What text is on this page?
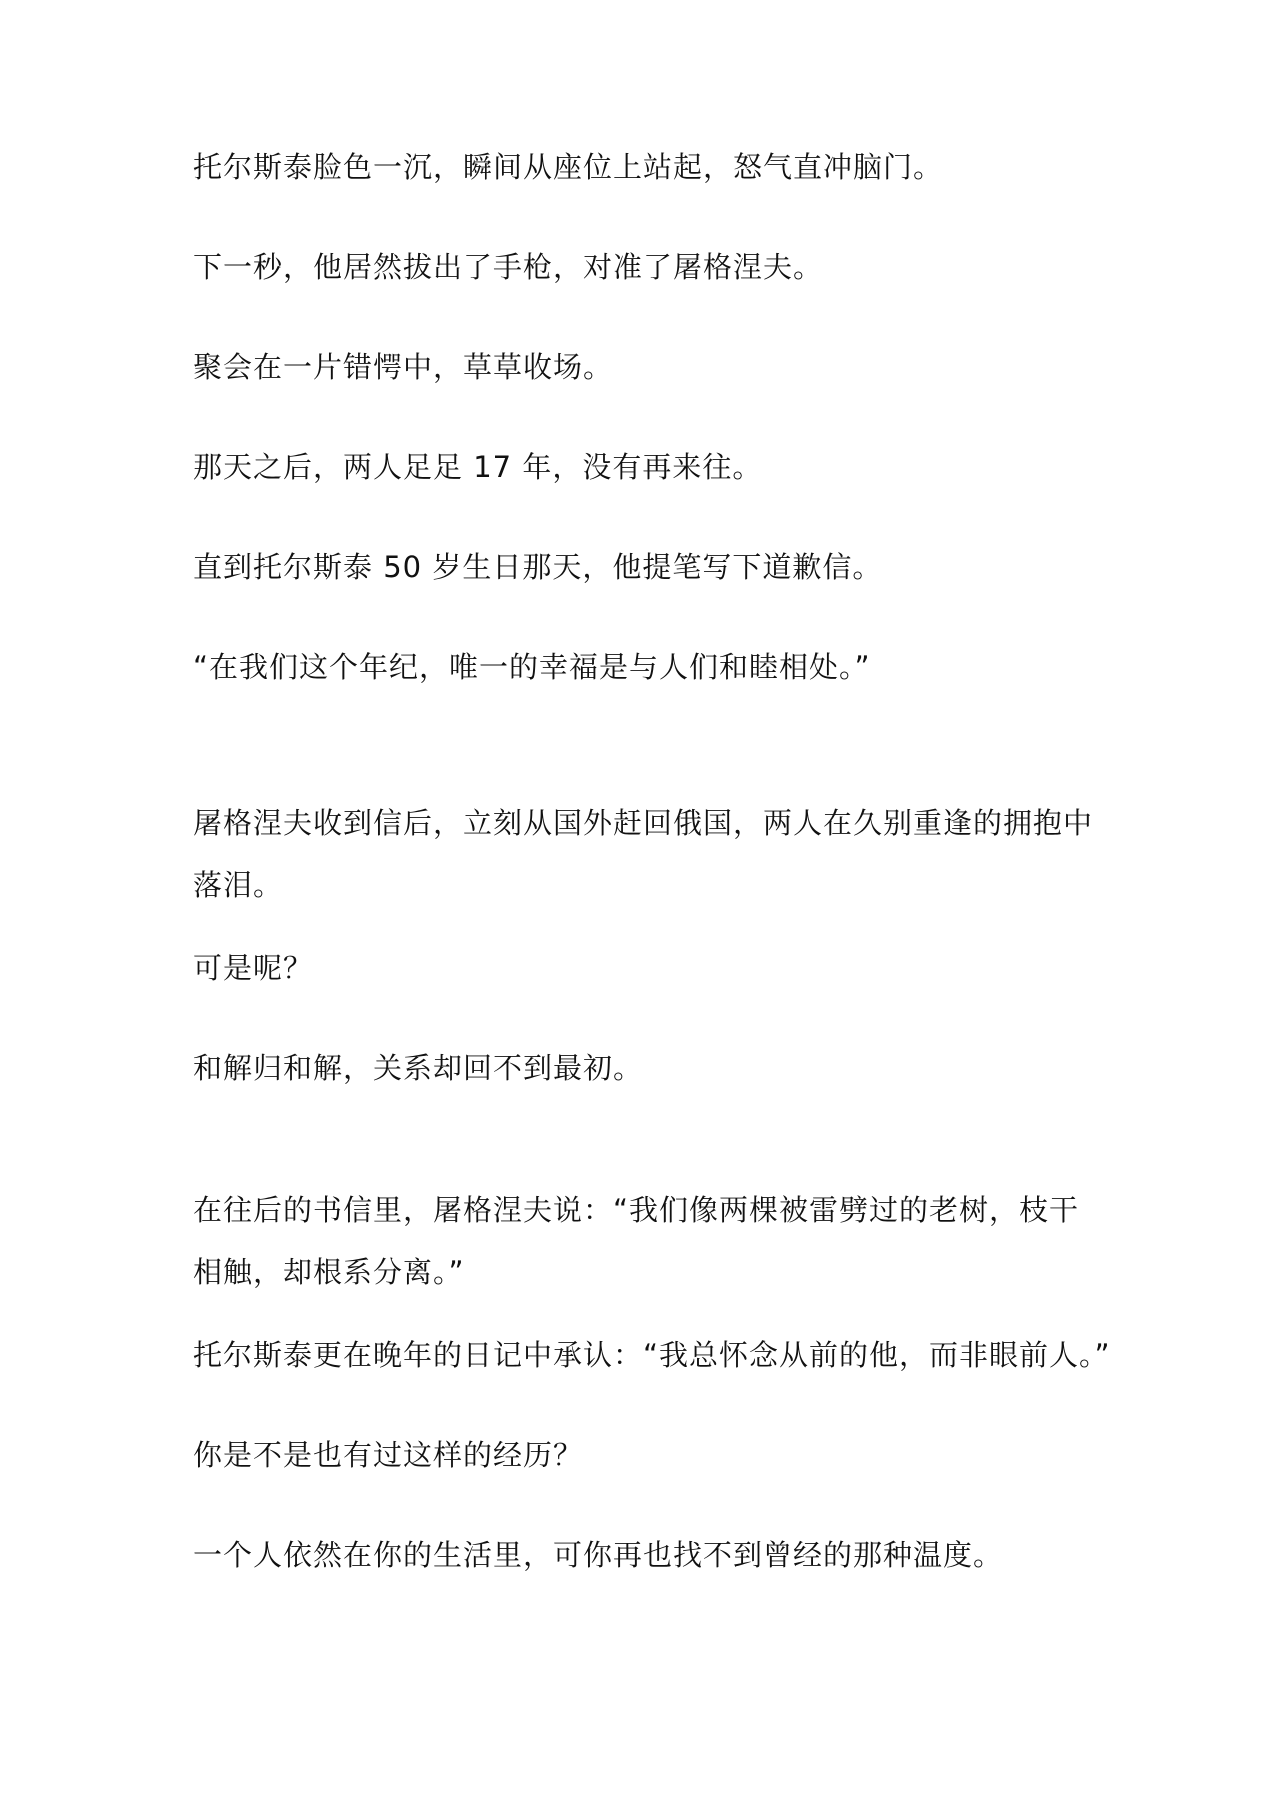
托尔斯泰脸色一沉，瞬间从座位上站起，怒气直冲脑门。

下一秒，他居然拔出了手枪，对准了屠格涅夫。

聚会在一片错愕中，草草收场。

那天之后，两人足足 17 年，没有再来往。

直到托尔斯泰 50 岁生日那天，他提笔写下道歉信。

“在我们这个年纪，唯一的幸福是与人们和睦相处。”

屠格涅夫收到信后，立刻从国外赶回俄国，两人在久别重逢的拥抱中
落泪。

可是呢？

和解归和解，关系却回不到最初。

在往后的书信里，屠格涅夫说：“我们像两棵被雷劈过的老树，枝干
相触，却根系分离。”

托尔斯泰更在晚年的日记中承认：“我总怀念从前的他，而非眼前人。”

你是不是也有过这样的经历？

一个人依然在你的生活里，可你再也找不到曾经的那种温度。
